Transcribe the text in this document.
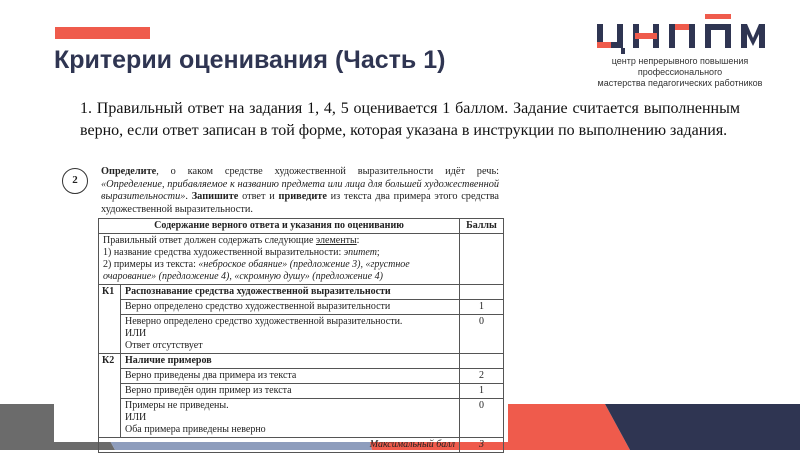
Критерии оценивания (Часть 1)	центр непрерывного повышения профессионального
мастерства педагогических работников
1. Правильный ответ на задания 1, 4, 5 оценивается 1 баллом. Задание считается выполненным верно, если ответ записан в той форме, которая указана в инструкции по выполнению задания.
2
Определите, о каком средстве художественной выразительности идёт речь: «Определение, прибавляемое к названию предмета или лица для большей художественной выразительности». Запишите ответ и приведите из текста два примера этого средства художественной выразительности.
Содержание верного ответа и указания по оцениванию		Баллы

Правильный ответ должен содержать следующие элементы:
1) название средства художественной выразительности: эпитет;
2) примеры из текста: «неброское обаяние» (предложение 3), «грустное очарование» (предложение 4), «скромную душу» (предложение 4)		

К1	Распознавание средства художественной выразительности	
	Верно определено средство художественной выразительности	1

	Неверно определено средство художественной выразительности.
ИЛИ
Ответ отсутствует	0
К2	Наличие примеров	
	Верно приведены два примера из текста	2
	Верно приведён один пример из текста	1

	Примеры не приведены.
ИЛИ
Оба примера приведены неверно	0
Максимальный балл		3
